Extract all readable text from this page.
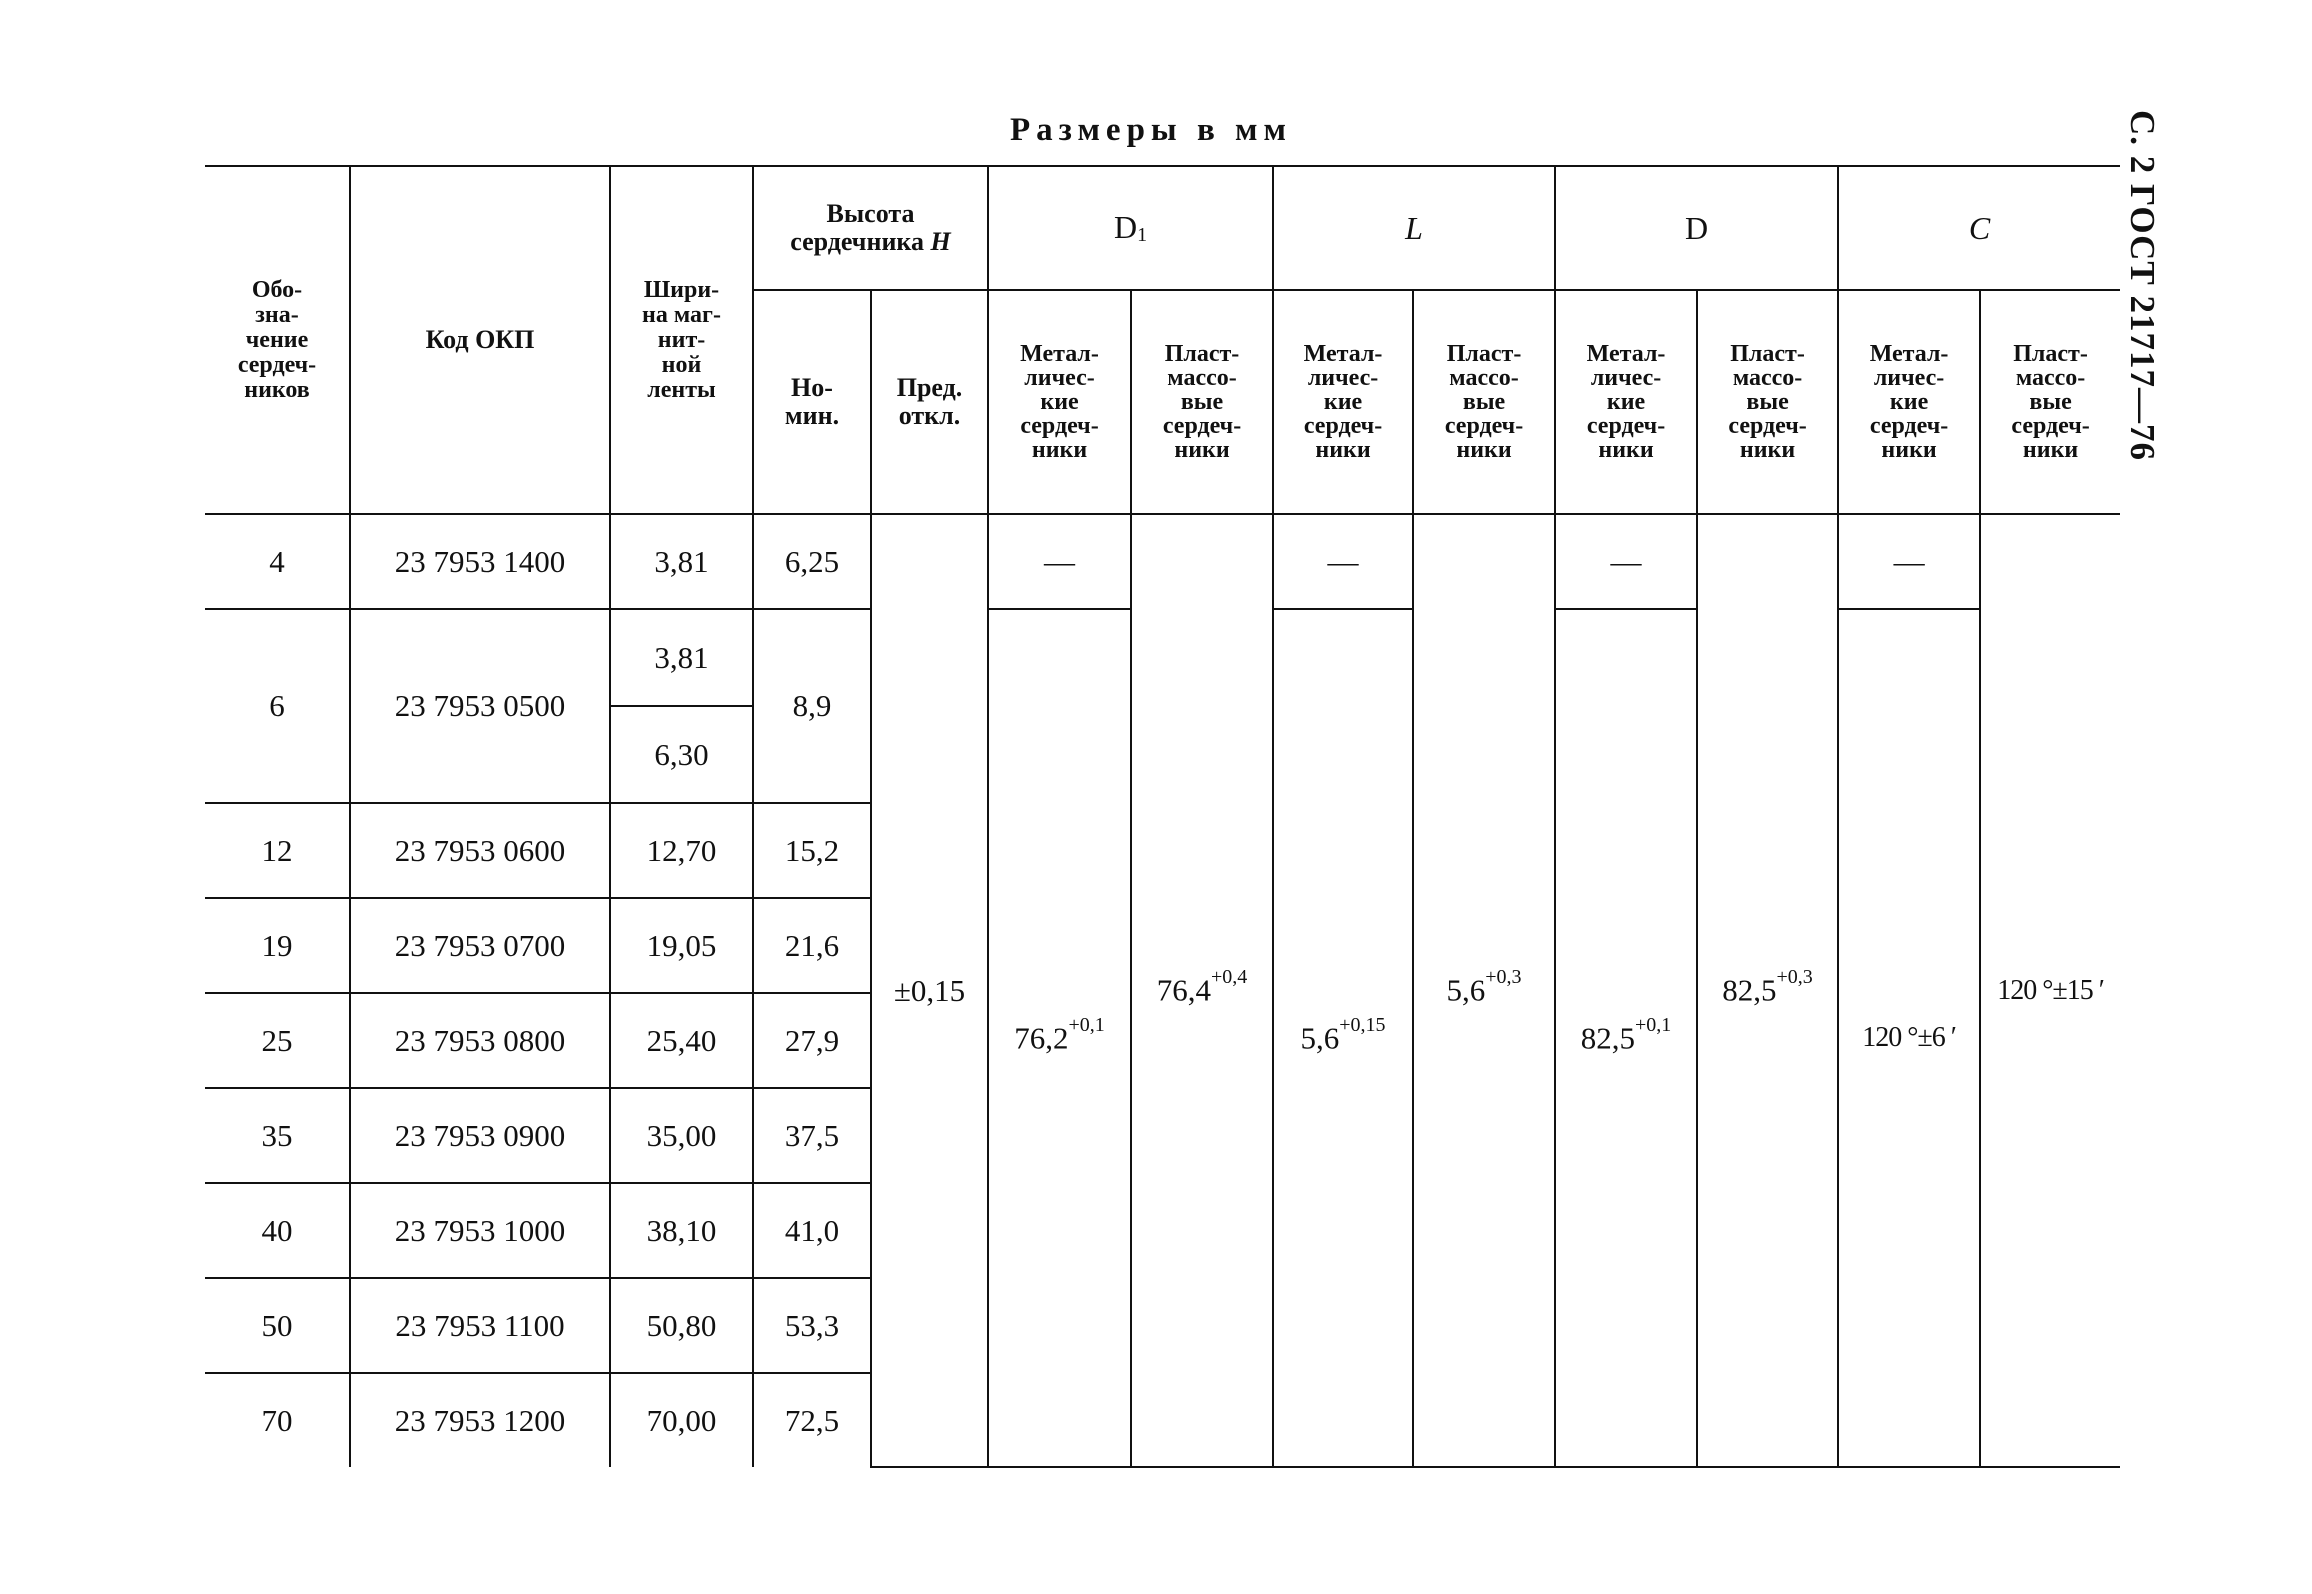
Размеры в мм	С. 2 ГОСТ 21717—76
Обо-
зна-
чение
сердеч-
ников	Код ОКП	Шири-
на маг-
нит-
ной
ленты	Высота
сердечника H		D1		L		D		C	
			Но-
мин.	Пред.
откл.	Метал-
личес-
кие
сердеч-
ники	Пласт-
массо-
вые
сердеч-
ники	Метал-
личес-
кие
сердеч-
ники	Пласт-
массо-
вые
сердеч-
ники	Метал-
личес-
кие
сердеч-
ники	Пласт-
массо-
вые
сердеч-
ники	Метал-
личес-
кие
сердеч-
ники	Пласт-
массо-
вые
сердеч-
ники
4	23 7953 1400	3,81	6,25	±0,15	—	$76,4^{+0,4}$	—	$5,6^{+0,3}$	—	$82,5^{+0,3}$	—	120 °±15 ′
6	23 7953 0500	3,81	8,9		$76,2^{+0,1}$		$5,6^{+0,15}$		$82,5^{+0,1}$		120 °±6 ′	
		6,30										
12	23 7953 0600	12,70	15,2									
19	23 7953 0700	19,05	21,6									
25	23 7953 0800	25,40	27,9									
35	23 7953 0900	35,00	37,5									
40	23 7953 1000	38,10	41,0									
50	23 7953 1100	50,80	53,3									
70	23 7953 1200	70,00	72,5									
